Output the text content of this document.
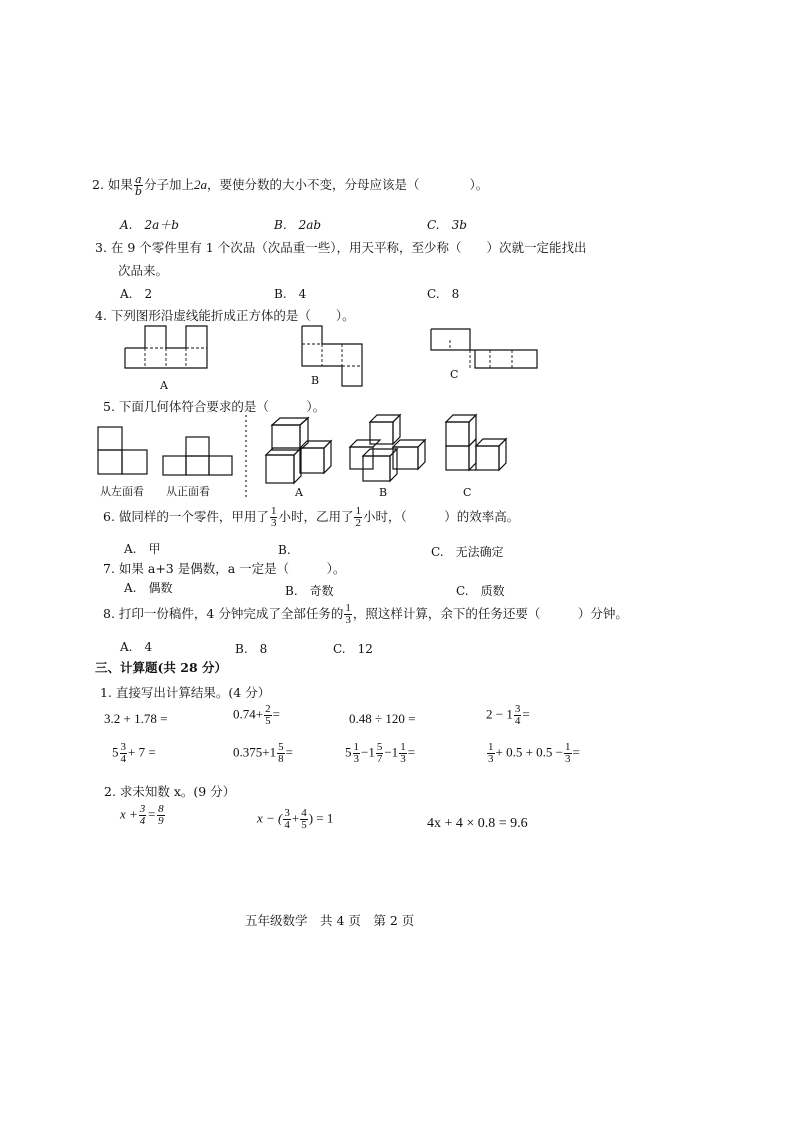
2. 如果 $\frac{a}{b}$ 分子加上2a，要使分数的大小不变，分母应该是（　　　　）。
A.　2a＋b	B.　2ab	C.　3b
3. 在 9 个零件里有 1 个次品（次品重一些），用天平称，至少称（　　）次就一定能找出
次品来。
A.　2	B.　4	C.　8
4. 下列图形沿虚线能折成正方体的是（　　）。
A	B	C
5. 下面几何体符合要求的是（　　　）。
从左面看 从正面看	A	B	C
6. 做同样的一个零件，甲用了 $\frac{1}{3}$ 小时，乙用了 $\frac{1}{2}$ 小时，（　　　）的效率高。
A.　甲	B.	C.　无法确定
7. 如果 a+3 是偶数，a 一定是（　　　）。
A.　偶数	B.　奇数	C.　质数
8. 打印一份稿件，4 分钟完成了全部任务的 $\frac{1}{3}$ ，照这样计算，余下的任务还要（　　　）分钟。
A.　4	B.　8	C.　12
三、计算题(共 28 分）
1. 直接写出计算结果。(4 分）
3.2 + 1.78 =	$0.74+ \frac{2}{5}$ =	0.48 ÷ 120 =	$2 - 1 \frac{3}{4}$ =
$5 \frac{3}{4} + 7$ =	$0.375+1 \frac{5}{8}$ =	$5 \frac{1}{3} -1 \frac{5}{7} -1 \frac{1}{3}$ =	$\frac{1}{3} + 0.5 + 0.5 - \frac{1}{3}$ =
2. 求未知数 x。(9 分）
$x + \frac{3}{4} = \frac{8}{9}$	x − ( $\frac{3}{4} + \frac{4}{5}$ ) = 1	4x + 4 × 0.8 = 9.6
五年级数学　共 4 页　第 2 页
